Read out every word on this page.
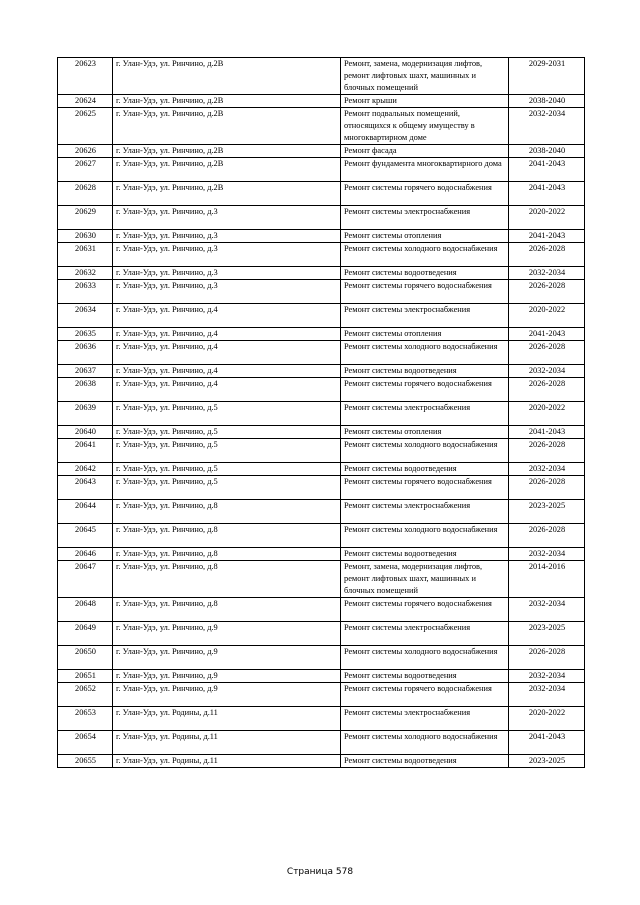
20623	г. Улан-Удэ, ул. Ринчино, д.2В	Ремонт, замена, модернизация лифтов, ремонт лифтовых шахт, машинных и блочных помещений	2029-2031
20624	г. Улан-Удэ, ул. Ринчино, д.2В	Ремонт крыши	2038-2040
20625	г. Улан-Удэ, ул. Ринчино, д.2В	Ремонт подвальных помещений, относящихся к общему имуществу в многоквартирном доме	2032-2034
20626	г. Улан-Удэ, ул. Ринчино, д.2В	Ремонт фасада	2038-2040
20627	г. Улан-Удэ, ул. Ринчино, д.2В	Ремонт фундамента многоквартирного дома	2041-2043
20628	г. Улан-Удэ, ул. Ринчино, д.2В	Ремонт системы горячего водоснабжения	2041-2043
20629	г. Улан-Удэ, ул. Ринчино, д.3	Ремонт системы электроснабжения	2020-2022
20630	г. Улан-Удэ, ул. Ринчино, д.3	Ремонт системы отопления	2041-2043
20631	г. Улан-Удэ, ул. Ринчино, д.3	Ремонт системы холодного водоснабжения	2026-2028
20632	г. Улан-Удэ, ул. Ринчино, д.3	Ремонт системы водоотведения	2032-2034
20633	г. Улан-Удэ, ул. Ринчино, д.3	Ремонт системы горячего водоснабжения	2026-2028
20634	г. Улан-Удэ, ул. Ринчино, д.4	Ремонт системы электроснабжения	2020-2022
20635	г. Улан-Удэ, ул. Ринчино, д.4	Ремонт системы отопления	2041-2043
20636	г. Улан-Удэ, ул. Ринчино, д.4	Ремонт системы холодного водоснабжения	2026-2028
20637	г. Улан-Удэ, ул. Ринчино, д.4	Ремонт системы водоотведения	2032-2034
20638	г. Улан-Удэ, ул. Ринчино, д.4	Ремонт системы горячего водоснабжения	2026-2028
20639	г. Улан-Удэ, ул. Ринчино, д.5	Ремонт системы электроснабжения	2020-2022
20640	г. Улан-Удэ, ул. Ринчино, д.5	Ремонт системы отопления	2041-2043
20641	г. Улан-Удэ, ул. Ринчино, д.5	Ремонт системы холодного водоснабжения	2026-2028
20642	г. Улан-Удэ, ул. Ринчино, д.5	Ремонт системы водоотведения	2032-2034
20643	г. Улан-Удэ, ул. Ринчино, д.5	Ремонт системы горячего водоснабжения	2026-2028
20644	г. Улан-Удэ, ул. Ринчино, д.8	Ремонт системы электроснабжения	2023-2025
20645	г. Улан-Удэ, ул. Ринчино, д.8	Ремонт системы холодного водоснабжения	2026-2028
20646	г. Улан-Удэ, ул. Ринчино, д.8	Ремонт системы водоотведения	2032-2034
20647	г. Улан-Удэ, ул. Ринчино, д.8	Ремонт, замена, модернизация лифтов, ремонт лифтовых шахт, машинных и блочных помещений	2014-2016
20648	г. Улан-Удэ, ул. Ринчино, д.8	Ремонт системы горячего водоснабжения	2032-2034
20649	г. Улан-Удэ, ул. Ринчино, д.9	Ремонт системы электроснабжения	2023-2025
20650	г. Улан-Удэ, ул. Ринчино, д.9	Ремонт системы холодного водоснабжения	2026-2028
20651	г. Улан-Удэ, ул. Ринчино, д.9	Ремонт системы водоотведения	2032-2034
20652	г. Улан-Удэ, ул. Ринчино, д.9	Ремонт системы горячего водоснабжения	2032-2034
20653	г. Улан-Удэ, ул. Родины, д.11	Ремонт системы электроснабжения	2020-2022
20654	г. Улан-Удэ, ул. Родины, д.11	Ремонт системы холодного водоснабжения	2041-2043
20655	г. Улан-Удэ, ул. Родины, д.11	Ремонт системы водоотведения	2023-2025
Страница 578
